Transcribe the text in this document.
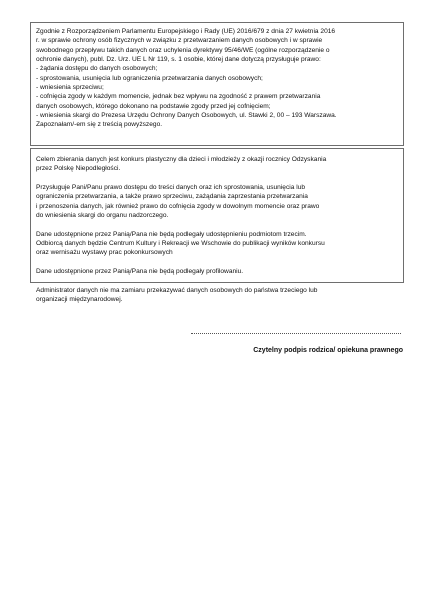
Zgodnie z Rozporządzeniem Parlamentu Europejskiego i Rady (UE) 2016/679 z dnia 27 kwietnia 2016

r. w sprawie ochrony osób fizycznych w związku z przetwarzaniem danych osobowych i w sprawie

swobodnego przepływu takich danych oraz uchylenia dyrektywy 95/46/WE (ogólne rozporządzenie o

ochronie danych), publ. Dz. Urz. UE L Nr 119, s. 1 osobie, której dane dotyczą przysługuje prawo:

- żądania dostępu do danych osobowych;

- sprostowania, usunięcia lub ograniczenia przetwarzania danych osobowych;

- wniesienia sprzeciwu;

- cofnięcia zgody w każdym momencie, jednak bez wpływu na zgodność z prawem przetwarzania

danych osobowych, którego dokonano na podstawie zgody przed jej cofnięciem;

- wniesienia skargi do Prezesa Urzędu Ochrony Danych Osobowych, ul. Stawki 2, 00 – 193 Warszawa.

Zapoznałam/-em się z treścią powyższego.

Celem zbierania danych jest konkurs plastyczny dla dzieci i młodzieży z okazji rocznicy Odzyskania

przez Polskę Niepodległości.

Przysługuje Pani/Panu prawo dostępu do treści danych oraz ich sprostowania, usunięcia lub

ograniczenia przetwarzania, a także prawo sprzeciwu, zażądania zaprzestania przetwarzania

i przenoszenia danych, jak również prawo do cofnięcia zgody w dowolnym momencie oraz prawo

do wniesienia skargi do organu nadzorczego.

Dane udostępnione przez Panią/Pana nie będą podlegały udostępnieniu podmiotom trzecim.

Odbiorcą danych będzie Centrum Kultury i Rekreacji we Wschowie do publikacji wyników konkursu

oraz wernisażu wystawy prac pokonkursowych

Dane udostępnione przez Panią/Pana nie będą podlegały profilowaniu.

Administrator danych nie ma zamiaru przekazywać danych osobowych do państwa trzeciego lub

organizacji międzynarodowej.

Czytelny podpis rodzica/ opiekuna prawnego
